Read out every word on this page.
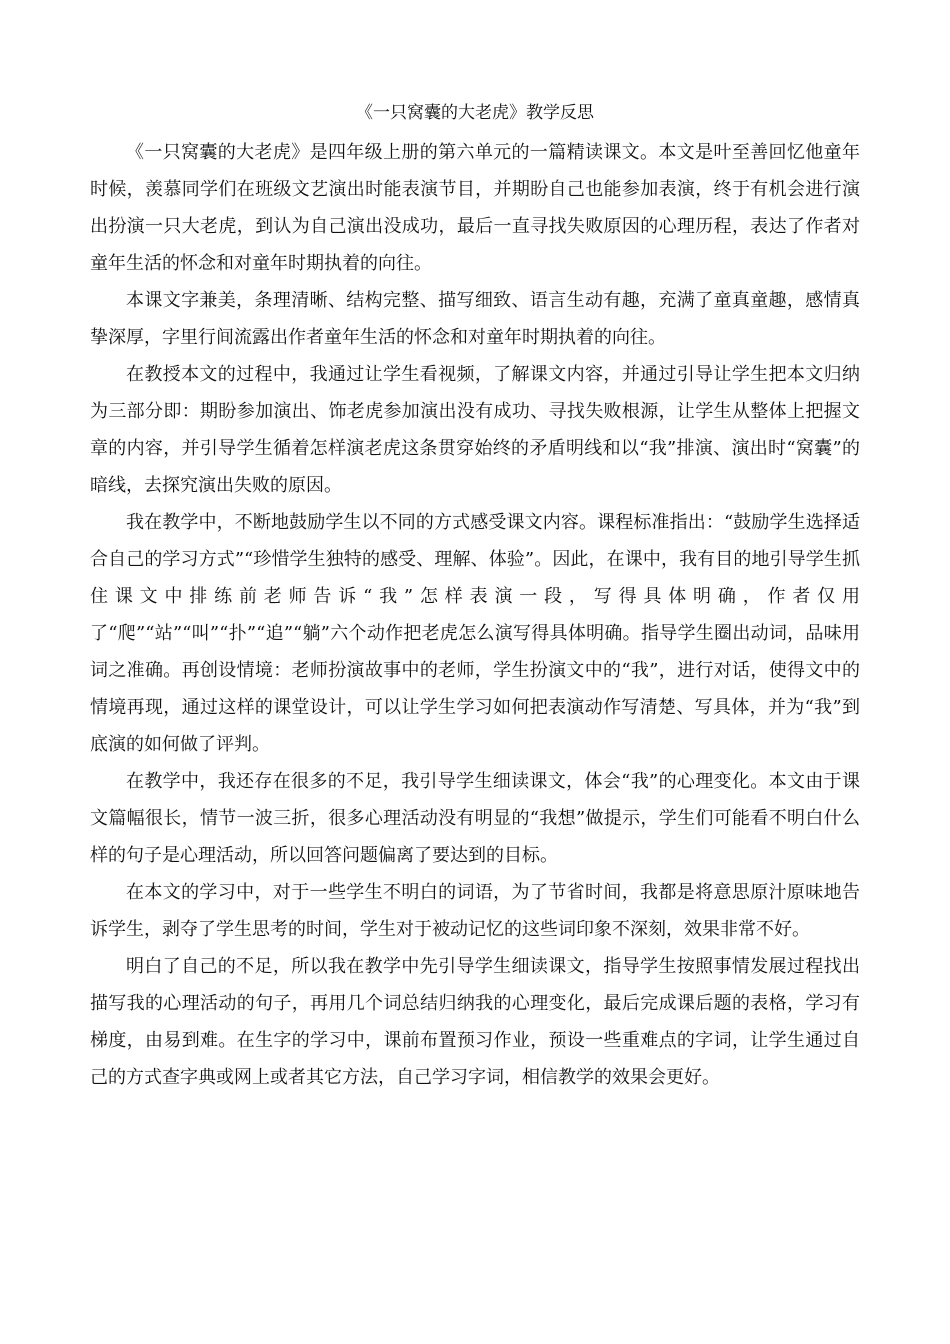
《一只窝囊的大老虎》教学反思

《一只窝囊的大老虎》是四年级上册的第六单元的一篇精读课文。本文是叶至善回忆他童年时候，羡慕同学们在班级文艺演出时能表演节目，并期盼自己也能参加表演，终于有机会进行演出扮演一只大老虎，到认为自己演出没成功，最后一直寻找失败原因的心理历程，表达了作者对童年生活的怀念和对童年时期执着的向往。

本课文字兼美，条理清晰、结构完整、描写细致、语言生动有趣，充满了童真童趣，感情真挚深厚，字里行间流露出作者童年生活的怀念和对童年时期执着的向往。

在教授本文的过程中，我通过让学生看视频，了解课文内容，并通过引导让学生把本文归纳为三部分即：期盼参加演出、饰老虎参加演出没有成功、寻找失败根源，让学生从整体上把握文章的内容，并引导学生循着怎样演老虎这条贯穿始终的矛盾明线和以“我”排演、演出时“窝囊”的暗线，去探究演出失败的原因。

我在教学中，不断地鼓励学生以不同的方式感受课文内容。课程标准指出：“鼓励学生选择适合自己的学习方式”“珍惜学生独特的感受、理解、体验”。因此，在课中，我有目的地引导学生抓住课文中排练前老师告诉“我”怎样表演一段，写得具体明确，作者仅用了“爬”“站”“叫”“扑”“追”“躺”六个动作把老虎怎么演写得具体明确。指导学生圈出动词，品味用词之准确。再创设情境：老师扮演故事中的老师，学生扮演文中的“我”，进行对话，使得文中的情境再现，通过这样的课堂设计，可以让学生学习如何把表演动作写清楚、写具体，并为“我”到底演的如何做了评判。

在教学中，我还存在很多的不足，我引导学生细读课文，体会“我”的心理变化。本文由于课文篇幅很长，情节一波三折，很多心理活动没有明显的“我想”做提示，学生们可能看不明白什么样的句子是心理活动，所以回答问题偏离了要达到的目标。

在本文的学习中，对于一些学生不明白的词语，为了节省时间，我都是将意思原汁原味地告诉学生，剥夺了学生思考的时间，学生对于被动记忆的这些词印象不深刻，效果非常不好。

明白了自己的不足，所以我在教学中先引导学生细读课文，指导学生按照事情发展过程找出描写我的心理活动的句子，再用几个词总结归纳我的心理变化，最后完成课后题的表格，学习有梯度，由易到难。在生字的学习中，课前布置预习作业，预设一些重难点的字词，让学生通过自己的方式查字典或网上或者其它方法，自己学习字词，相信教学的效果会更好。
